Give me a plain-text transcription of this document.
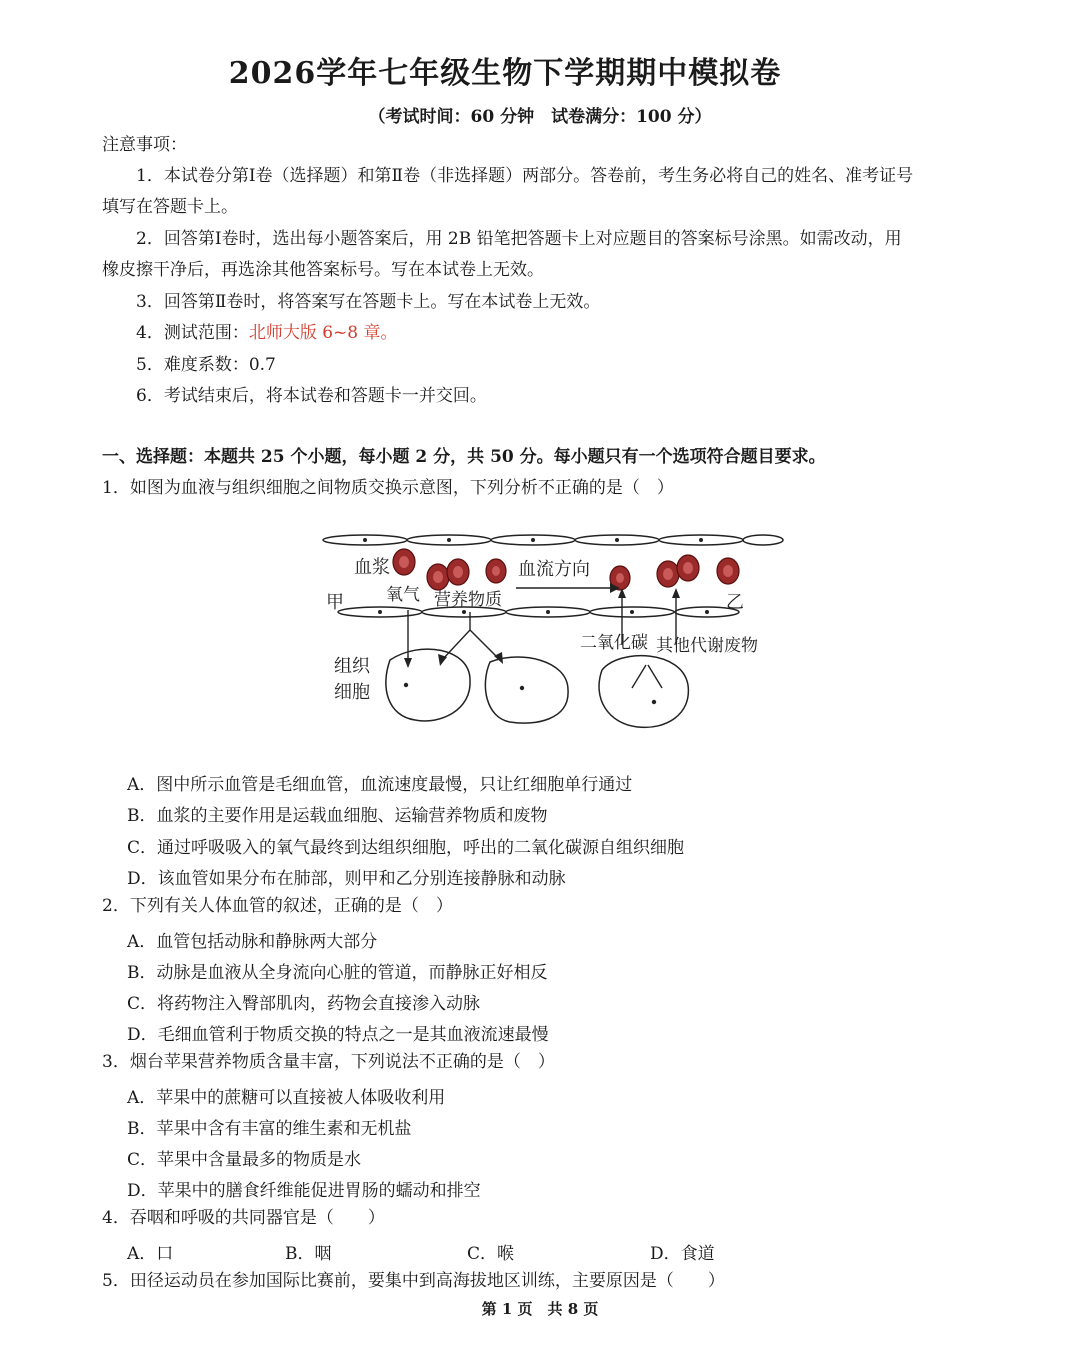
2026学年七年级生物下学期期中模拟卷
（考试时间：60 分钟　试卷满分：100 分）
注意事项：
1．本试卷分第Ⅰ卷（选择题）和第Ⅱ卷（非选择题）两部分。答卷前，考生务必将自己的姓名、准考证号
填写在答题卡上。
2．回答第Ⅰ卷时，选出每小题答案后，用 2B 铅笔把答题卡上对应题目的答案标号涂黑。如需改动，用
橡皮擦干净后，再选涂其他答案标号。写在本试卷上无效。
3．回答第Ⅱ卷时，将答案写在答题卡上。写在本试卷上无效。
4．测试范围：北师大版 6~8 章。
5．难度系数：0.7
6．考试结束后，将本试卷和答题卡一并交回。
一、选择题：本题共 25 个小题，每小题 2 分，共 50 分。每小题只有一个选项符合题目要求。
1．如图为血液与组织细胞之间物质交换示意图，下列分析不正确的是（　）
血浆	血流方向
甲	乙
氧气 营养物质
二氧化碳 其他代谢废物
组织
细胞
A．图中所示血管是毛细血管，血流速度最慢，只让红细胞单行通过
B．血浆的主要作用是运载血细胞、运输营养物质和废物
C．通过呼吸吸入的氧气最终到达组织细胞，呼出的二氧化碳源自组织细胞
D．该血管如果分布在肺部，则甲和乙分别连接静脉和动脉
2．下列有关人体血管的叙述，正确的是（　）
A．血管包括动脉和静脉两大部分
B．动脉是血液从全身流向心脏的管道，而静脉正好相反
C．将药物注入臀部肌肉，药物会直接渗入动脉
D．毛细血管利于物质交换的特点之一是其血液流速最慢
3．烟台苹果营养物质含量丰富，下列说法不正确的是（　）
A．苹果中的蔗糖可以直接被人体吸收利用
B．苹果中含有丰富的维生素和无机盐
C．苹果中含量最多的物质是水
D．苹果中的膳食纤维能促进胃肠的蠕动和排空
4．吞咽和呼吸的共同器官是（　　）
A．口	B．咽	C．喉	D．食道
5．田径运动员在参加国际比赛前，要集中到高海拔地区训练，主要原因是（　　）
第 1 页　共 8 页
